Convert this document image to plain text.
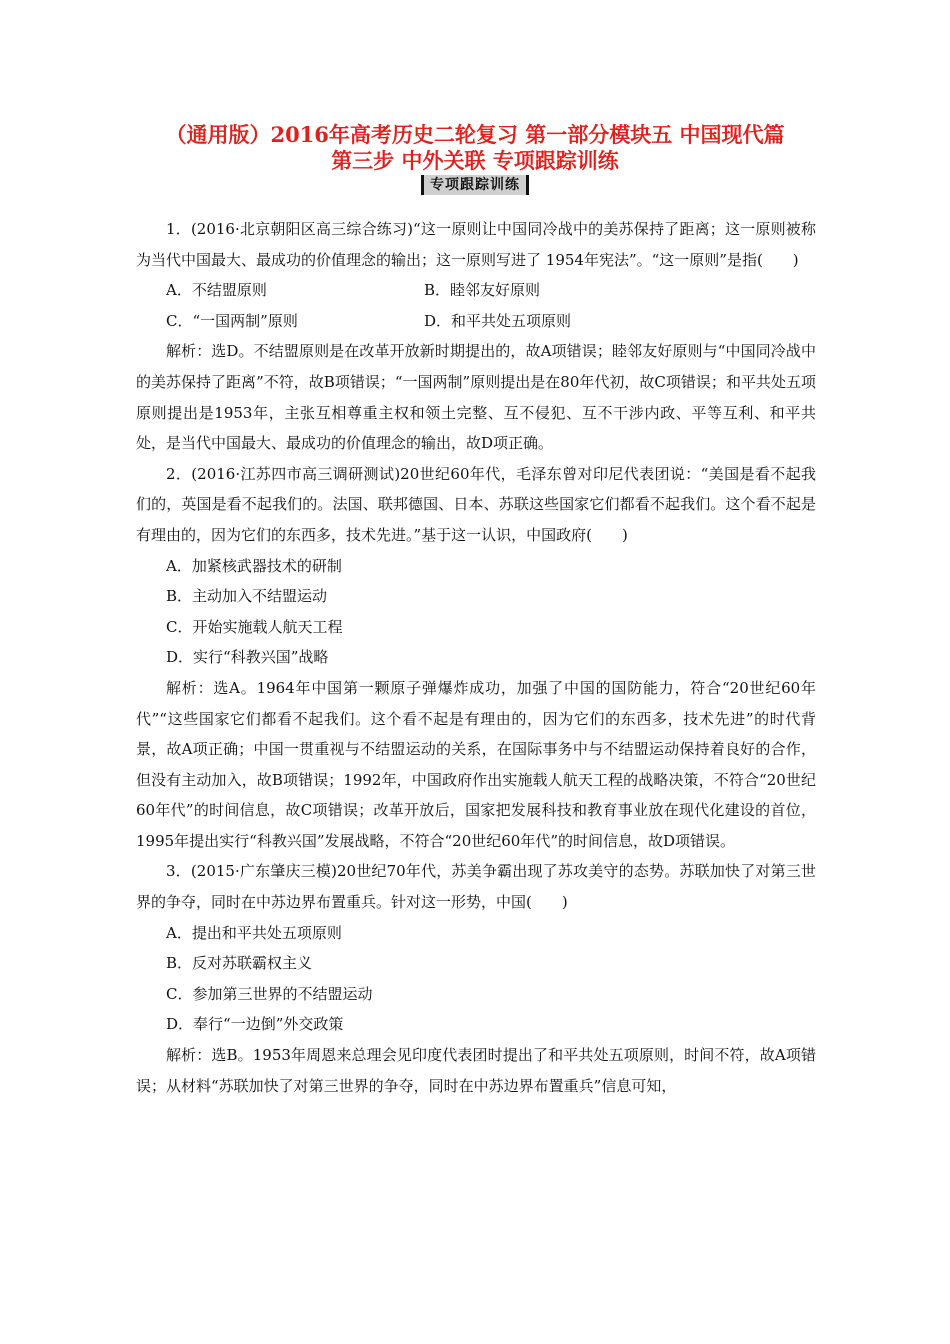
（通用版）2016年高考历史二轮复习 第一部分模块五 中国现代篇
第三步 中外关联 专项跟踪训练
专项跟踪训练

1．(2016·北京朝阳区高三综合练习)“这一原则让中国同冷战中的美苏保持了距离；这一原则被称为当代中国最大、最成功的价值理念的输出；这一原则写进了 1954年宪法”。“这一原则”是指(　　)

A．不结盟原则	B．睦邻友好原则
C．“一国两制”原则	D．和平共处五项原则

解析：选D。不结盟原则是在改革开放新时期提出的，故A项错误；睦邻友好原则与“中国同冷战中的美苏保持了距离”不符，故B项错误；“一国两制”原则提出是在80年代初，故C项错误；和平共处五项原则提出是1953年，主张互相尊重主权和领土完整、互不侵犯、互不干涉内政、平等互利、和平共处，是当代中国最大、最成功的价值理念的输出，故D项正确。

2．(2016·江苏四市高三调研测试)20世纪60年代，毛泽东曾对印尼代表团说：“美国是看不起我们的，英国是看不起我们的。法国、联邦德国、日本、苏联这些国家它们都看不起我们。这个看不起是有理由的，因为它们的东西多，技术先进。”基于这一认识，中国政府(　　)

A．加紧核武器技术的研制

B．主动加入不结盟运动

C．开始实施载人航天工程

D．实行“科教兴国”战略

解析：选A。1964年中国第一颗原子弹爆炸成功，加强了中国的国防能力，符合“20世纪60年代”“这些国家它们都看不起我们。这个看不起是有理由的，因为它们的东西多，技术先进”的时代背景，故A项正确；中国一贯重视与不结盟运动的关系，在国际事务中与不结盟运动保持着良好的合作，但没有主动加入，故B项错误；1992年，中国政府作出实施载人航天工程的战略决策，不符合“20世纪60年代”的时间信息，故C项错误；改革开放后，国家把发展科技和教育事业放在现代化建设的首位，1995年提出实行“科教兴国”发展战略，不符合“20世纪60年代”的时间信息，故D项错误。

3．(2015·广东肇庆三模)20世纪70年代，苏美争霸出现了苏攻美守的态势。苏联加快了对第三世界的争夺，同时在中苏边界布置重兵。针对这一形势，中国(　　)

A．提出和平共处五项原则

B．反对苏联霸权主义

C．参加第三世界的不结盟运动

D．奉行“一边倒”外交政策

解析：选B。1953年周恩来总理会见印度代表团时提出了和平共处五项原则，时间不符，故A项错误；从材料“苏联加快了对第三世界的争夺，同时在中苏边界布置重兵”信息可知，
